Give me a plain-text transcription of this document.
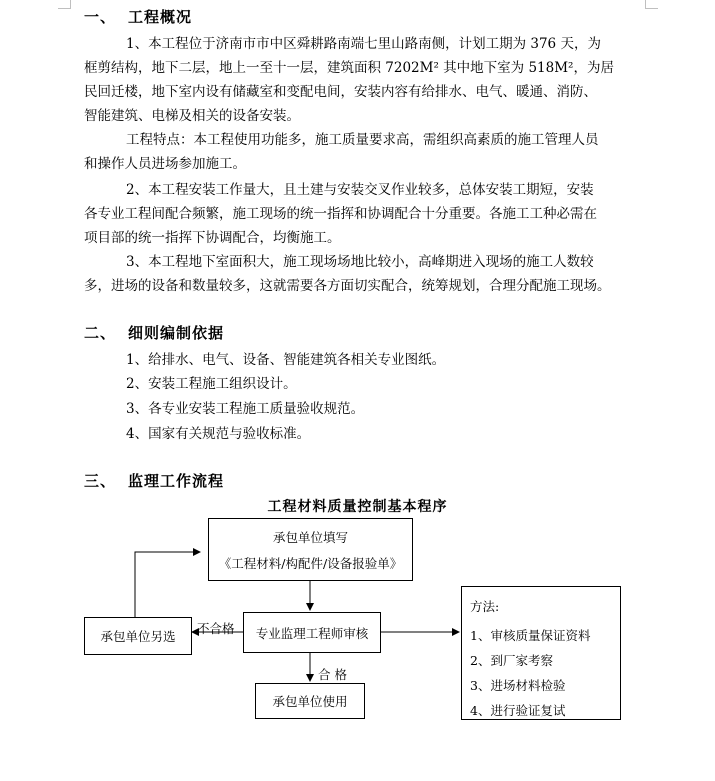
一、 工程概况
1、本工程位于济南市市中区舜耕路南端七里山路南侧，计划工期为 376 天，为
框剪结构，地下二层，地上一至十一层，建筑面积 7202M² 其中地下室为 518M²，为居
民回迁楼，地下室内设有储藏室和变配电间，安装内容有给排水、电气、暖通、消防、
智能建筑、电梯及相关的设备安装。
工程特点：本工程使用功能多，施工质量要求高，需组织高素质的施工管理人员
和操作人员进场参加施工。
2、本工程安装工作量大，且土建与安装交叉作业较多，总体安装工期短，安装
各专业工程间配合频繁，施工现场的统一指挥和协调配合十分重要。各施工工种必需在
项目部的统一指挥下协调配合，均衡施工。
3、本工程地下室面积大，施工现场场地比较小，高峰期进入现场的施工人数较
多，进场的设备和数量较多，这就需要各方面切实配合，统筹规划，合理分配施工现场。
二、 细则编制依据
1、给排水、电气、设备、智能建筑各相关专业图纸。
2、安装工程施工组织设计。
3、各专业安装工程施工质量验收规范。
4、国家有关规范与验收标准。
三、 监理工作流程
工程材料质量控制基本程序
承包单位填写
《工程材料/构配件/设备报验单》
专业监理工程师审核
承包单位另选
承包单位使用
不合格
合 格
方法:
1、审核质量保证资料
2、到厂家考察
3、进场材料检验
4、进行验证复试
